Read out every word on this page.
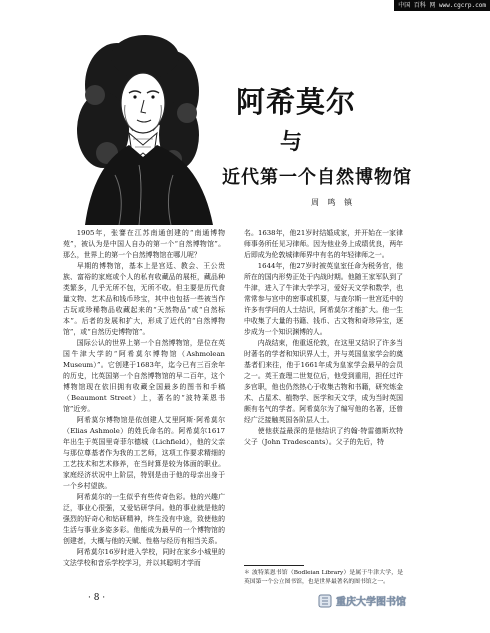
中国 百科 网 www.cgcrp.com
阿希莫尔
与
近代第一个自然博物馆
周 鸣 镇

1905年，张謇在江苏南通创建的“南通博物苑”，被认为是中国人自办的第一个“自然博物馆”。那么，世界上的第一个自然博物馆在哪儿呢？

早期的博物馆，基本上是宫廷、教会、王公贵族、富裕的家庭或个人的私有收藏品的展柜，藏品种类繁多，几乎无所不包，无所不收。但主要是历代食量文物、艺术品和钱币珍宝，其中也包括一些被当作古玩或珍稀物品收藏起来的“天然物品”或“自然标本”。后者的发展和扩大，形成了近代的“自然博物馆”，或“自然历史博物馆”。

国际公认的世界上第一个自然博物馆，是位在英国牛津大学的“阿希莫尔博物馆（Ashmolean Museum）”。它创建于1683年，迄今已有三百余年的历史，比英国第一个自然博物馆的早二百年，这个博物馆现在依旧拥有收藏全国最多的图书和手稿（Beaumont Street）上，著名的“波特莱恩书馆”近旁。

阿希莫尔博物馆是依创建人艾里阿斯·阿希莫尔（Elias Ashmole）的姓氏命名的。阿希莫尔1617年出生于英国里奇菲尔德城（Lichfield），他的父亲与那位尊基者作为我的工艺师，这项工作要求精细的工艺技术和艺术修养，在当时算是较为体面的职业。家庭经济状况中上阶层，特别是由于他的母亲出身于一个乡村望族。

阿希莫尔的一生似乎有些传奇色彩。他的兴趣广泛，事业心很强，又爱钻研学问。他的事业就是他的强烈的好奇心和钻研精神，终生没有中途，致使他的生活与事业多姿多彩。他能成为最早的一个博物馆的创建者，大概与他的天赋、性格与经历有相当关系。

阿希莫尔16岁时进入学校，同时在家乡小城里的文法学校和音乐学校学习，并以其聪明才学而

名。1638年，他21岁时结婚成家，并开始在一家律师事务所任见习律师。因为他业务上成绩优良，两年后即成为伦敦城律师界中有名的年轻律师之一。

1644年，他27岁时被英皇室任命为税务官，他所在的国内形势正处于内战时期。他随王家军队到了牛津，进入了牛津大学学习，爱好天文学和数学，也常常参与宫中的密事或机要，与查尔斯一世宫廷中的许多有学问的人士结识，阿希莫尔才能扩大。他一生中收集了大量的书籍、钱币、古文物和奇珍异宝，逐步成为一个知识渊博的人。

内战结束，他重返伦敦，在这里又结识了许多当时著名的学者和知识界人士，并与英国皇家学会的奠基者们来往，他于1661年成为皇家学会最早的会员之一。英王查理二世复位后，他受到重用，担任过许多官职，他也仍然热心于收集古物和书籍，研究炼金术、占星术、植物学、医学和天文学，成为当时英国颇有名气的学者。阿希莫尔为了编写他的名著，还曾经广泛接触英国各阶层人士。

使他获益最深的是他结识了约翰·特雷德斯坎特父子（John Tradescants）。父子的先后，特

＊ 波特莱恩书馆（Bodleian Library）是属于牛津大学，是英国第一个公立图书馆，也是世界最著名的图书馆之一。
· 8 ·	重庆大学图书馆
